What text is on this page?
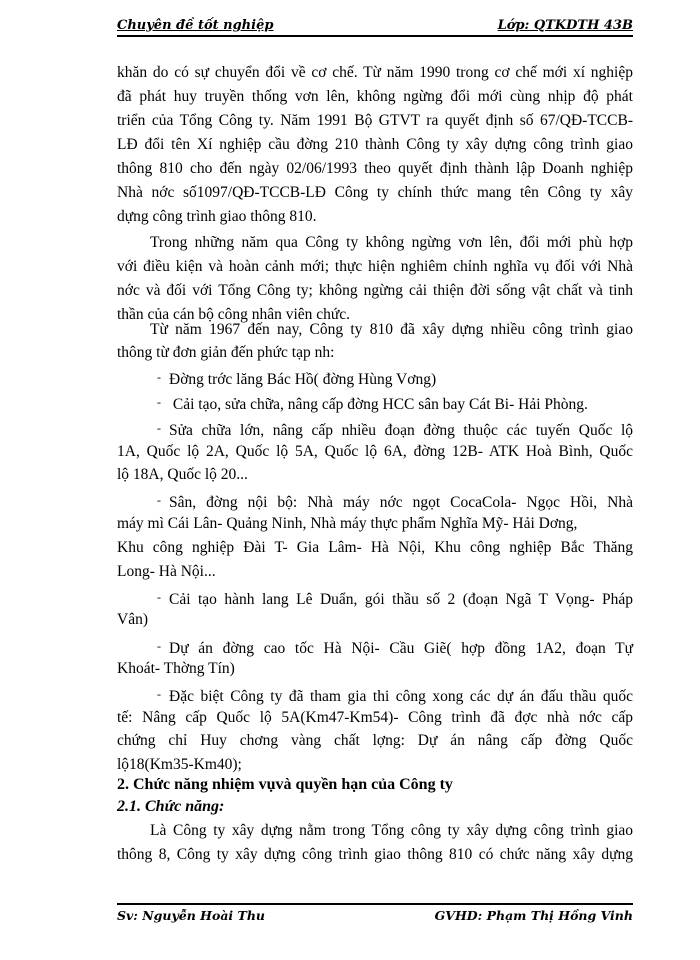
Chuyên đề tốt nghiệp	Lớp: QTKDTH 43B
khăn do có sự chuyển đổi về cơ chế. Từ năm 1990 trong cơ chế mới xí nghiệp
đã phát huy truyền thống vơn lên, không ngừng đổi mới cùng nhịp độ phát
triển của Tổng Công ty. Năm 1991 Bộ GTVT ra quyết định số 67/QĐ-TCCB-
LĐ đổi tên Xí nghiệp cầu đờng 210 thành Công ty xây dựng công trình giao
thông 810 cho đến ngày 02/06/1993 theo quyết định thành lập Doanh nghiệp
Nhà nớc số1097/QĐ-TCCB-LĐ Công ty chính thức mang tên Công ty xây
dựng công trình giao thông 810.
Trong những năm qua Công ty không ngừng vơn lên, đổi mới phù hợp
với điều kiện và hoàn cảnh mới; thực hiện nghiêm chỉnh nghĩa vụ đối với Nhà
nớc và đối với Tổng Công ty; không ngừng cải thiện đời sống vật chất và tinh
thần của cán bộ công nhân viên chức.
Từ năm 1967 đến nay, Công ty 810 đã xây dựng nhiều công trình giao
thông từ đơn giản đến phức tạp nh:
- Đờng trớc lăng Bác Hồ( đờng Hùng Vơng)
- Cải tạo, sửa chữa, nâng cấp đờng HCC sân bay Cát Bi- Hải Phòng.
- Sửa chữa lớn, nâng cấp nhiều đoạn đờng thuộc các tuyến Quốc lộ
1A, Quốc lộ 2A, Quốc lộ 5A, Quốc lộ 6A, đờng 12B- ATK Hoà Bình, Quốc
lộ 18A, Quốc lộ 20...
- Sân, đờng nội bộ: Nhà máy nớc ngọt CocaCola- Ngọc Hồi, Nhà
máy mì Cái Lân- Quảng Ninh, Nhà máy thực phẩm Nghĩa Mỹ- Hải Dơng,
Khu công nghiệp Đài T- Gia Lâm- Hà Nội, Khu công nghiệp Bắc Thăng
Long- Hà Nội...
- Cải tạo hành lang Lê Duẩn, gói thầu số 2 (đoạn Ngã T Vọng- Pháp
Vân)
- Dự án đờng cao tốc Hà Nội- Cầu Giẽ( hợp đồng 1A2, đoạn Tự
Khoát- Thờng Tín)
- Đặc biệt Công ty đã tham gia thi công xong các dự án đấu thầu quốc
tế: Nâng cấp Quốc lộ 5A(Km47-Km54)- Công trình đã đợc nhà nớc cấp
chứng chỉ Huy chơng vàng chất lợng: Dự án nâng cấp đờng Quốc
lộ18(Km35-Km40);
2. Chức năng nhiệm vụvà quyền hạn của Công ty
2.1. Chức năng:
Là Công ty xây dựng nằm trong Tổng công ty xây dựng công trình giao
thông 8, Công ty xây dựng công trình giao thông 810 có chức năng xây dựng
Sv: Nguyễn Hoài Thu	GVHD: Phạm Thị Hồng Vinh
